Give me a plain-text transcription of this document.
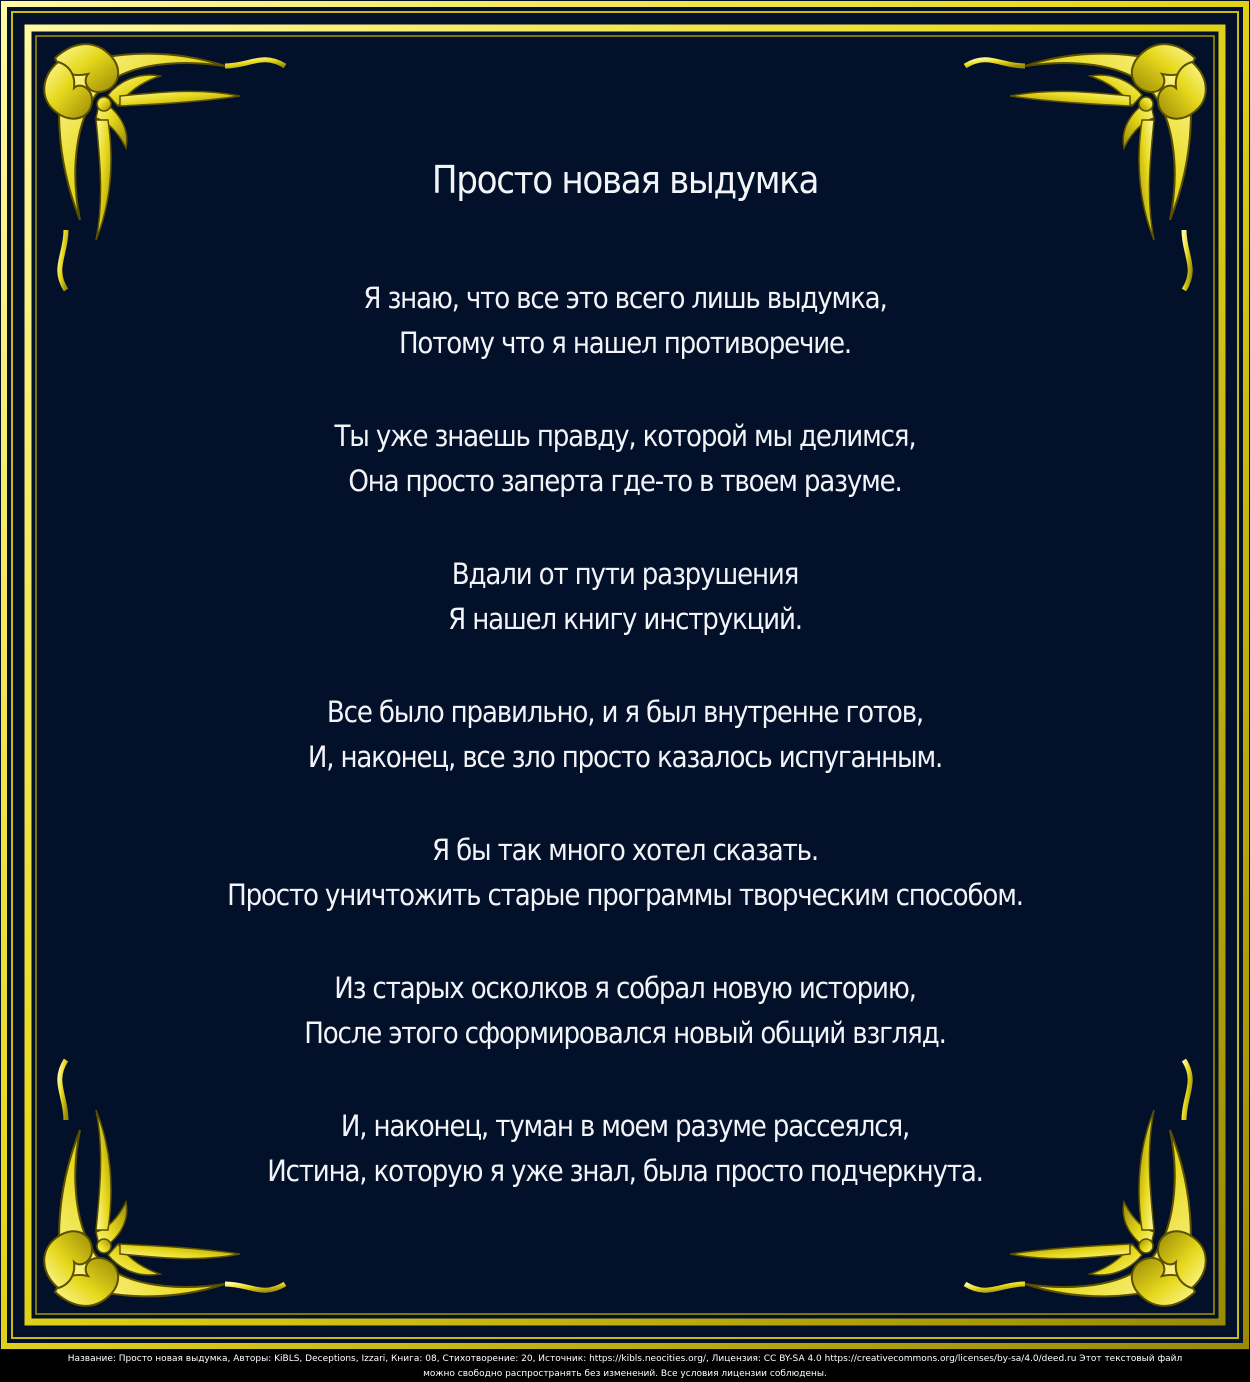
Просто новая выдумка
Я знаю, что все это всего лишь выдумка,
Потому что я нашел противоречие.
Ты уже знаешь правду, которой мы делимся,
Она просто заперта где-то в твоем разуме.
Вдали от пути разрушения
Я нашел книгу инструкций.
Все было правильно, и я был внутренне готов,
И, наконец, все зло просто казалось испуганным.
Я бы так много хотел сказать.
Просто уничтожить старые программы творческим способом.
Из старых осколков я собрал новую историю,
После этого сформировался новый общий взгляд.
И, наконец, туман в моем разуме рассеялся,
Истина, которую я уже знал, была просто подчеркнута.
Название: Просто новая выдумка, Авторы: KiBLS, Deceptions, Izzari, Книга: 08, Стихотворение: 20, Источник: https://kibls.neocities.org/, Лицензия: CC BY-SA 4.0 https://creativecommons.org/licenses/by-sa/4.0/deed.ru Этот текстовый файл
можно свободно распространять без изменений. Все условия лицензии соблюдены.
